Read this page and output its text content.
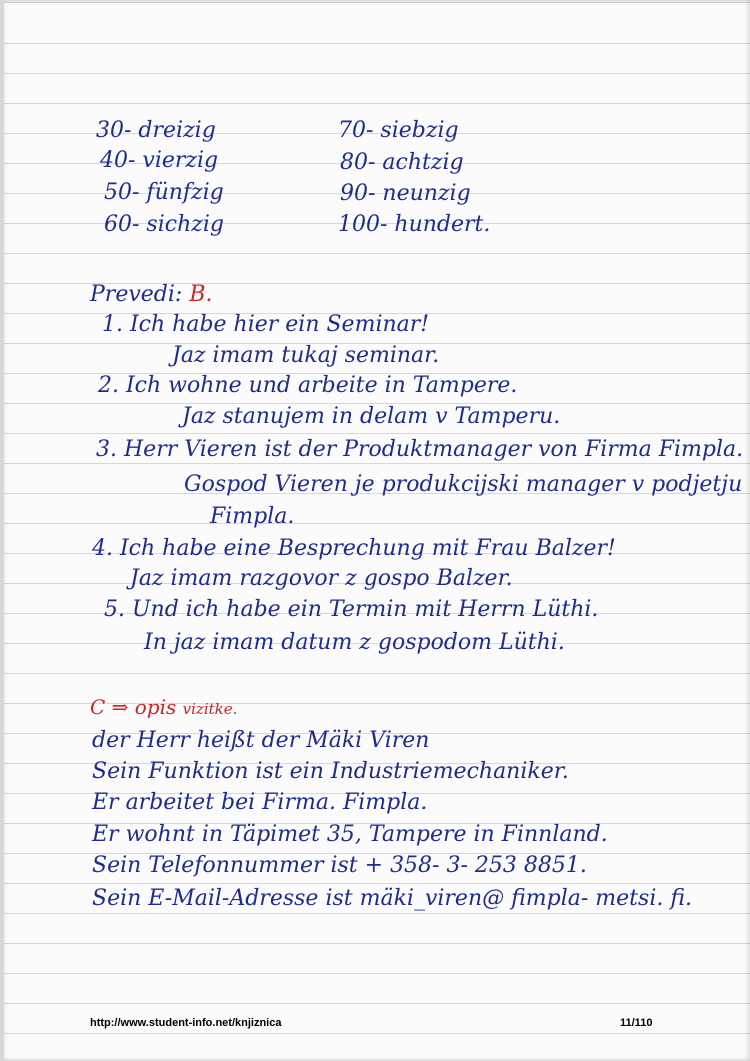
30- dreizig
40- vierzig
50- fünfzig
60- sichzig
70- siebzig
80- achtzig
90- neunzig
100- hundert.
Prevedi: B.
1. Ich habe hier ein Seminar!
Jaz imam tukaj seminar.
2. Ich wohne und arbeite in Tampere.
Jaz stanujem in delam v Tamperu.
3. Herr Vieren ist der Produktmanager von Firma Fimpla.
Gospod Vieren je produkcijski manager v podjetju
Fimpla.
4. Ich habe eine Besprechung mit Frau Balzer!
Jaz imam razgovor z gospo Balzer.
5. Und ich habe ein Termin mit Herrn Lüthi.
In jaz imam datum z gospodom Lüthi.
C ⇒ opis vizitke.
der Herr heißt der Mäki Viren
Sein Funktion ist ein Industriemechaniker.
Er arbeitet bei Firma. Fimpla.
Er wohnt in Täpimet 35, Tampere in Finnland.
Sein Telefonnummer ist + 358- 3- 253 8851.
Sein E-Mail-Adresse ist mäki_viren@ fimpla- metsi. fi.
http://www.student-info.net/knjiznica	11/110
